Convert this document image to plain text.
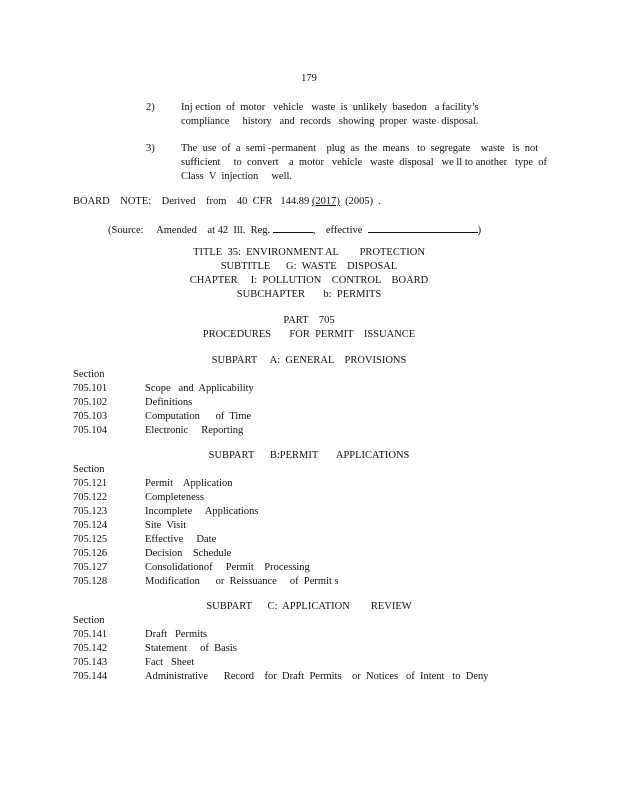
179
2)	Inj ection  of  motor   vehicle   waste  is  unlikely  basedon   a facility’s
compliance     history   and  records   showing  proper  waste  disposal.
3)	The  use  of  a  semi -permanent    plug  as  the  means   to  segregate    waste   is  not
sufficient     to  convert    a  motor   vehicle   waste  disposal   we ll to another   type  of
Class  V  injection     well.
BOARD    NOTE: Derived    from    40  CFR   144.89 (2017) (2005) .
(Source:     Amended    at 42  Ill.  Reg.	,    effective	)
TITLE  35:  ENVIRONMENT AL        PROTECTION
SUBTITLE      G:  WASTE    DISPOSAL
CHAPTER     I:  POLLUTION    CONTROL    BOARD
SUBCHAPTER       b:  PERMITS
PART    705
PROCEDURES       FOR  PERMIT    ISSUANCE
SUBPART     A:  GENERAL    PROVISIONS
Section
705.101	Scope   and  Applicability
705.102	Definitions
705.103	Computation      of  Time
705.104	Electronic     Reporting
SUBPART      B:PERMIT       APPLICATIONS
Section
705.121	Permit    Application
705.122	Completeness
705.123	Incomplete     Applications
705.124	Site  Visit
705.125	Effective     Date
705.126	Decision    Schedule
705.127	Consolidationof     Permit    Processing
705.128	Modification      or  Reissuance     of  Permit s
SUBPART      C:  APPLICATION        REVIEW
Section
705.141	Draft   Permits
705.142	Statement     of  Basis
705.143	Fact   Sheet
705.144	Administrative      Record    for  Draft  Permits    or  Notices   of  Intent   to  Deny
